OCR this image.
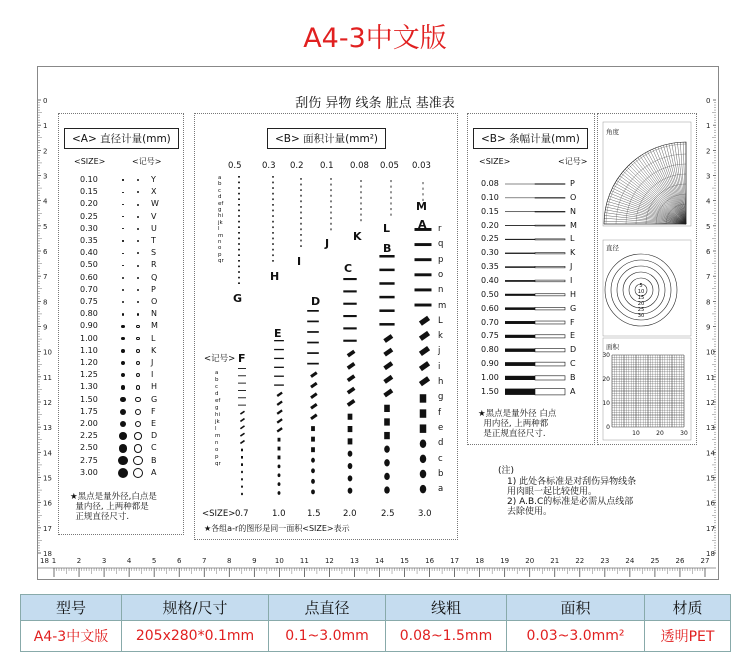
A4-3中文版
0	0
1	1
2	2
3	3
4	4
5	5
6	6
7	7
8	8
9	9
10	10
11	11
12	12
13	13
14	14
15	15
16	16
17	17
18	18
1	2	3	4	5	6	7	8	9	10 11 12 13 14 15 16 17 18 19 20 21 22 23 24 25 26 27
18
刮伤 异物 线条 脏点 基准表
<A> 直径计量(mm)
<SIZE>	<记号>
0.10	Y
0.15	X
0.20	W
0.25	V
0.30	U
0.35	T
0.40	S
0.50	R
0.60	Q
0.70	P
0.75	O
0.80	N
0.90	M
1.00	L
1.10	K
1.20	J
1.25	I
1.30	H
1.50	G
1.75	F
2.00	E
2.25	D
2.50	C
2.75	B
3.00	A
★黑点是量外径,白点是
量内径, 上两种都是
正规直径尺寸.
<B> 面积计量(mm²)
0.5 0.3 0.2 0.1 0.08 0.05 0.03
abcdefghijklmnopqr
G
H
I
J
K
L
M
A
B
C
D
E
F
<记号>
abcdefghijklmnopqr
r
q
p
o
n
m
L
k
j
i
h
g
f
e
d
c
b
a
<SIZE> 0.7	1.0	1.5	2.0	2.5	3.0
★各组a-r的图形是同一面积<SIZE>表示
<B> 条幅计量(mm)
<SIZE>	<记号>
0.08	P
0.10	O
0.15	N
0.20	M
0.25	L
0.30	K
0.35	J
0.40	I
0.50	H
0.60	G
0.70	F
0.75	E
0.80	D
0.90	C
1.00	B
1.50	A
★黑点是量外径 白点
用内径, 上两种都
是正规直径尺寸.
5
10
15
20
25
30
30
20
10
0
10	20	30
角度
直径
面积
(注)
1) 此处各标准是对刮伤异物线条
用肉眼一起比较使用。
2) A.B.C的标准是必需从点线部
去除使用。
型号	规格/尺寸	点直径	线粗	面积	材质
A4-3中文版	205x280*0.1mm	0.1~3.0mm	0.08~1.5mm	0.03~3.0mm²	透明PET
